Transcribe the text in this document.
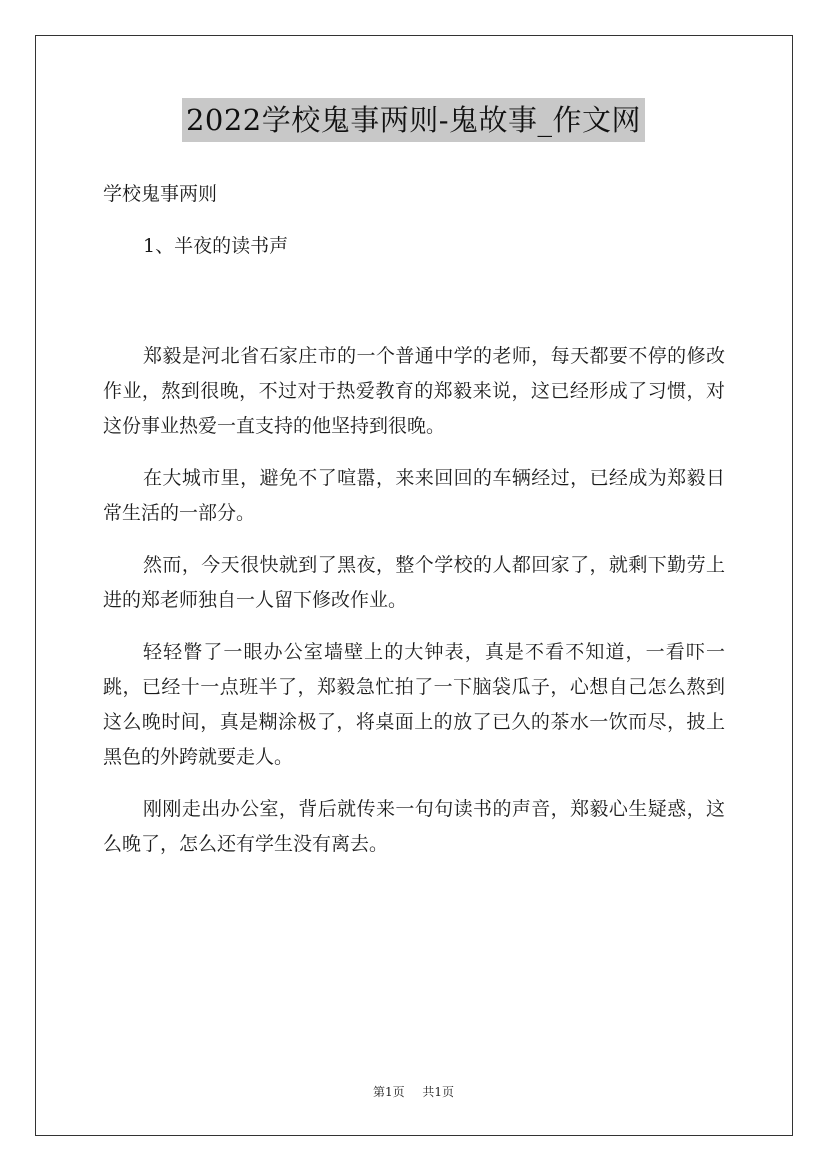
2022学校鬼事两则-鬼故事_作文网
学校鬼事两则
1、半夜的读书声

郑毅是河北省石家庄市的一个普通中学的老师，每天都要不停的修改作业，熬到很晚，不过对于热爱教育的郑毅来说，这已经形成了习惯，对这份事业热爱一直支持的他坚持到很晚。

在大城市里，避免不了喧嚣，来来回回的车辆经过，已经成为郑毅日常生活的一部分。

然而，今天很快就到了黑夜，整个学校的人都回家了，就剩下勤劳上进的郑老师独自一人留下修改作业。

轻轻瞥了一眼办公室墙壁上的大钟表，真是不看不知道，一看吓一跳，已经十一点班半了，郑毅急忙拍了一下脑袋瓜子，心想自己怎么熬到这么晚时间，真是糊涂极了，将桌面上的放了已久的茶水一饮而尽，披上黑色的外跨就要走人。

刚刚走出办公室，背后就传来一句句读书的声音，郑毅心生疑惑，这么晚了，怎么还有学生没有离去。

第1页 共1页
